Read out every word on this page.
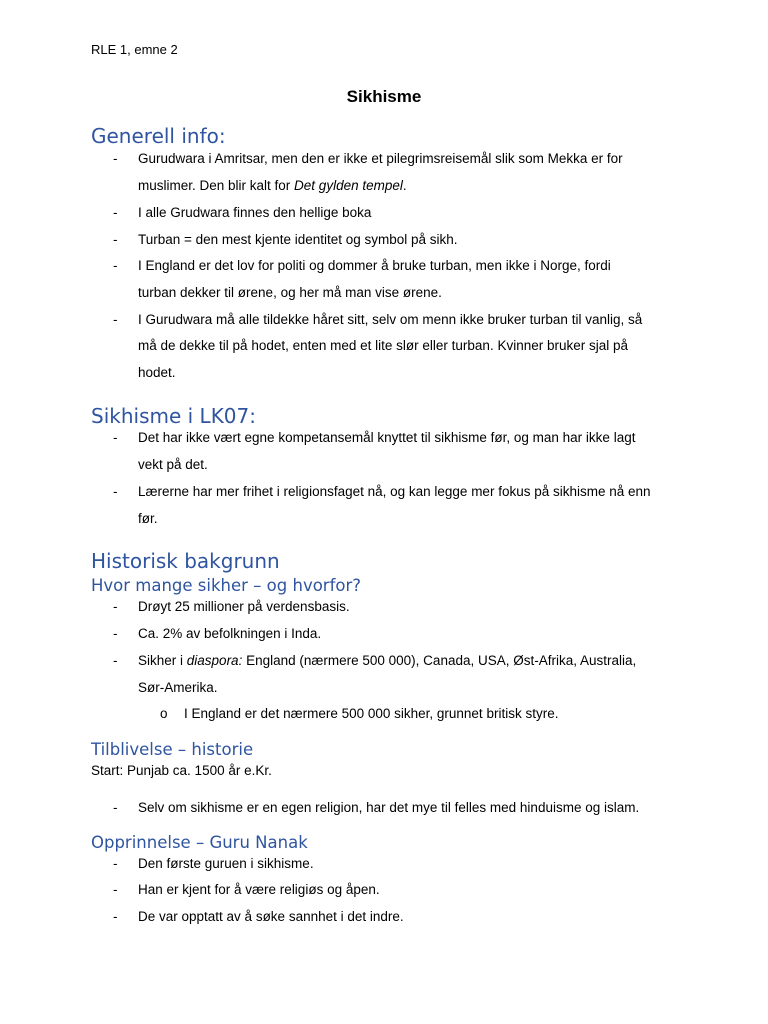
RLE 1, emne 2
Sikhisme
Generell info:
- Gurudwara i Amritsar, men den er ikke et pilegrimsreisemål slik som Mekka er for
muslimer. Den blir kalt for Det gylden tempel.
- I alle Grudwara finnes den hellige boka
- Turban = den mest kjente identitet og symbol på sikh.
- I England er det lov for politi og dommer å bruke turban, men ikke i Norge, fordi
turban dekker til ørene, og her må man vise ørene.
- I Gurudwara må alle tildekke håret sitt, selv om menn ikke bruker turban til vanlig, så
må de dekke til på hodet, enten med et lite slør eller turban. Kvinner bruker sjal på
hodet.
Sikhisme i LK07:
- Det har ikke vært egne kompetansemål knyttet til sikhisme før, og man har ikke lagt
vekt på det.
- Lærerne har mer frihet i religionsfaget nå, og kan legge mer fokus på sikhisme nå enn
før.
Historisk bakgrunn
Hvor mange sikher – og hvorfor?
- Drøyt 25 millioner på verdensbasis.
- Ca. 2% av befolkningen i Inda.
- Sikher i diaspora: England (nærmere 500 000), Canada, USA, Øst-Afrika, Australia,
Sør-Amerika.
o I England er det nærmere 500 000 sikher, grunnet britisk styre.
Tilblivelse – historie
Start: Punjab ca. 1500 år e.Kr.
- Selv om sikhisme er en egen religion, har det mye til felles med hinduisme og islam.
Opprinnelse – Guru Nanak
- Den første guruen i sikhisme.
- Han er kjent for å være religiøs og åpen.
- De var opptatt av å søke sannhet i det indre.
